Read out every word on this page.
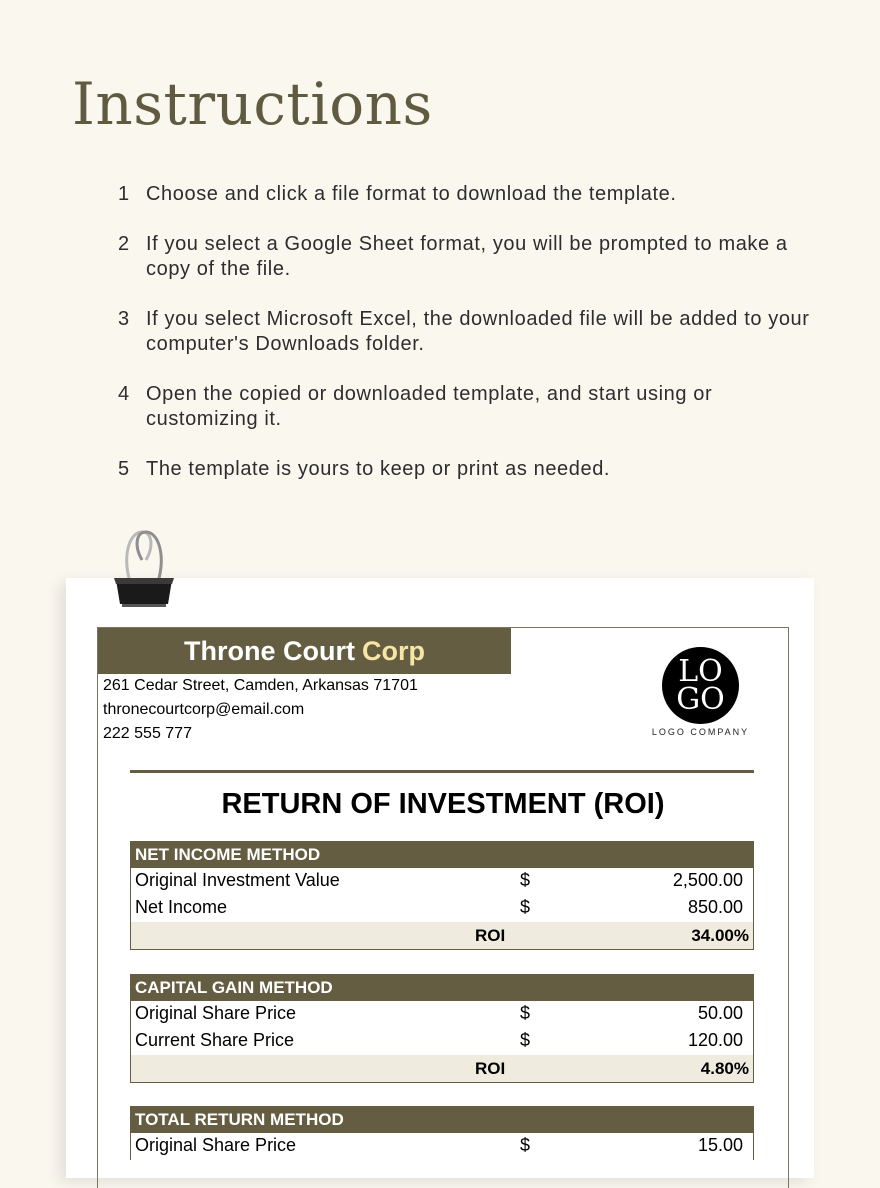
Instructions
1 Choose and click a file format to download the template.
2 If you select a Google Sheet format, you will be prompted to make a copy of the file.
3 If you select Microsoft Excel, the downloaded file will be added to your computer's Downloads folder.
4 Open the copied or downloaded template, and start using or customizing it.
5 The template is yours to keep or print as needed.
Throne Court Corp
261 Cedar Street, Camden, Arkansas 71701
thronecourtcorp@email.com
222 555 777
LO
GO
LOGO COMPANY
RETURN OF INVESTMENT (ROI)
NET INCOME METHOD
Original Investment Value	$	2,500.00
Net Income	$	850.00
ROI	34.00%
CAPITAL GAIN METHOD
Original Share Price	$	50.00
Current Share Price	$	120.00
ROI	4.80%
TOTAL RETURN METHOD
Original Share Price	$	15.00
